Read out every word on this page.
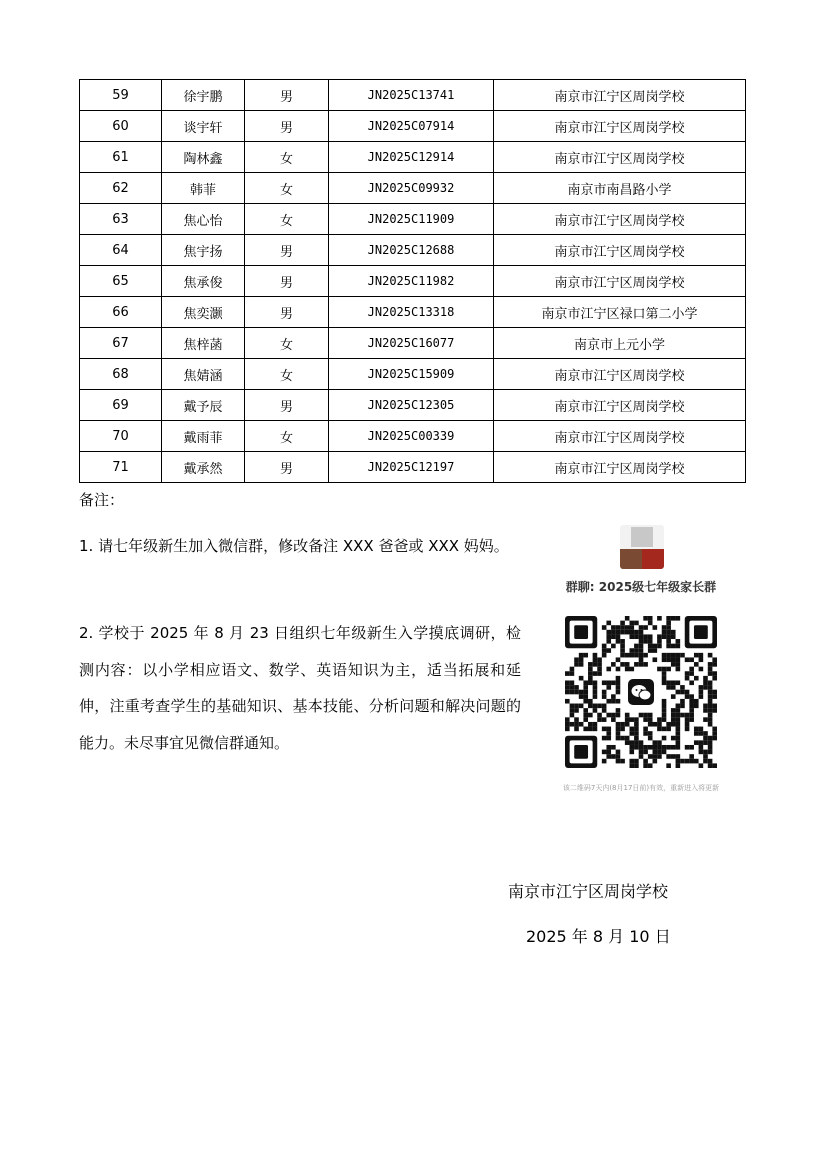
59	徐宇鹏	男	JN2025C13741	南京市江宁区周岗学校
60	谈宇轩	男	JN2025C07914	南京市江宁区周岗学校
61	陶林鑫	女	JN2025C12914	南京市江宁区周岗学校
62	韩菲	女	JN2025C09932	南京市南昌路小学
63	焦心怡	女	JN2025C11909	南京市江宁区周岗学校
64	焦宇扬	男	JN2025C12688	南京市江宁区周岗学校
65	焦承俊	男	JN2025C11982	南京市江宁区周岗学校
66	焦奕灏	男	JN2025C13318	南京市江宁区禄口第二小学
67	焦梓菡	女	JN2025C16077	南京市上元小学
68	焦婧涵	女	JN2025C15909	南京市江宁区周岗学校
69	戴予辰	男	JN2025C12305	南京市江宁区周岗学校
70	戴雨菲	女	JN2025C00339	南京市江宁区周岗学校
71	戴承然	男	JN2025C12197	南京市江宁区周岗学校
备注：
1. 请七年级新生加入微信群，修改备注 XXX 爸爸或 XXX 妈妈。
2. 学校于 2025 年 8 月 23 日组织七年级新生入学摸底调研，检测内容：以小学相应语文、数学、英语知识为主，适当拓展和延伸，注重考查学生的基础知识、基本技能、分析问题和解决问题的能力。未尽事宜见微信群通知。
群聊: 2025级七年级家长群
该二维码7天内(8月17日前)有效，重新进入将更新
南京市江宁区周岗学校
2025 年 8 月 10 日
